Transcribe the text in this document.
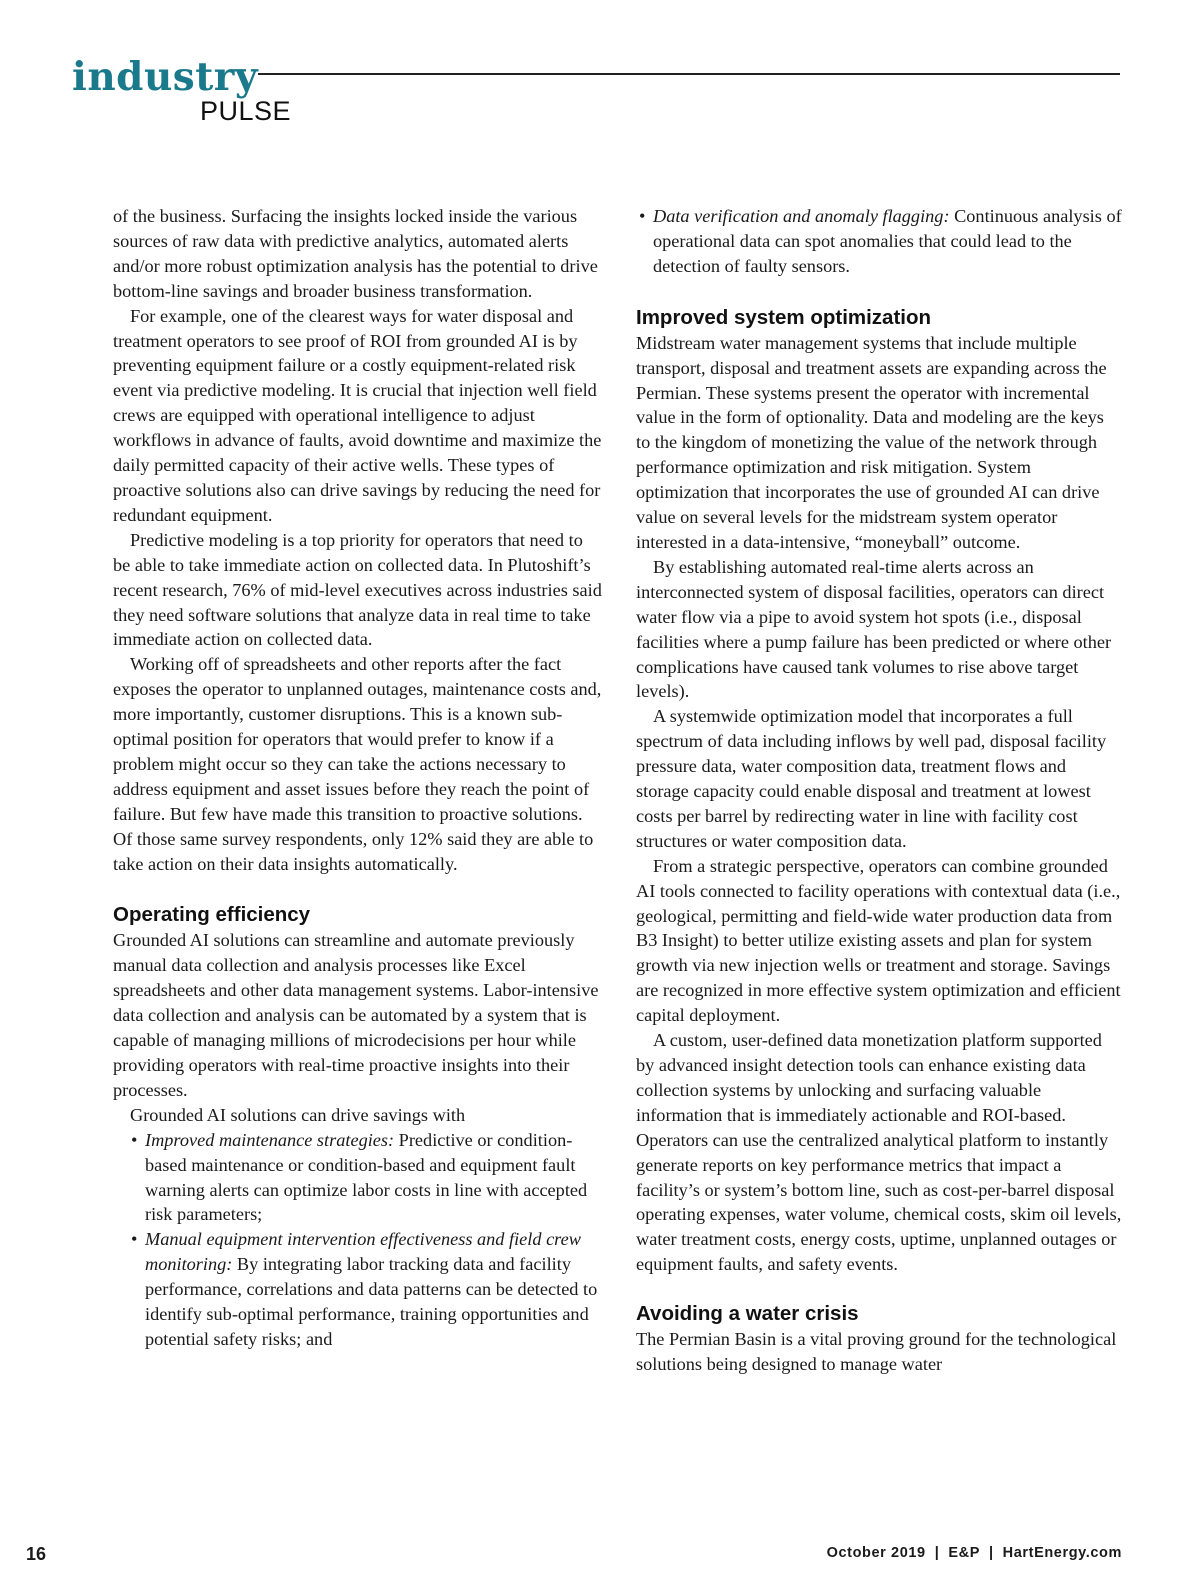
industry
PULSE

of the business. Surfacing the insights locked inside the various sources of raw data with predictive analytics, automated alerts and/or more robust optimization analysis has the potential to drive bottom-line savings and broader business transformation.

For example, one of the clearest ways for water disposal and treatment operators to see proof of ROI from grounded AI is by preventing equipment failure or a costly equipment-related risk event via predictive modeling. It is crucial that injection well field crews are equipped with operational intelligence to adjust workflows in advance of faults, avoid downtime and maximize the daily permitted capacity of their active wells. These types of proactive solutions also can drive savings by reducing the need for redundant equipment.

Predictive modeling is a top priority for operators that need to be able to take immediate action on collected data. In Plutoshift’s recent research, 76% of mid-level executives across industries said they need software solutions that analyze data in real time to take immediate action on collected data.

Working off of spreadsheets and other reports after the fact exposes the operator to unplanned outages, maintenance costs and, more importantly, customer disruptions. This is a known sub-optimal position for operators that would prefer to know if a problem might occur so they can take the actions necessary to address equipment and asset issues before they reach the point of failure. But few have made this transition to proactive solutions. Of those same survey respondents, only 12% said they are able to take action on their data insights automatically.

Operating efficiency

Grounded AI solutions can streamline and automate previously manual data collection and analysis processes like Excel spreadsheets and other data management systems. Labor-intensive data collection and analysis can be automated by a system that is capable of managing millions of microdecisions per hour while providing operators with real-time proactive insights into their processes.

Grounded AI solutions can drive savings with

• Improved maintenance strategies: Predictive or condition-based maintenance or condition-based and equipment fault warning alerts can optimize labor costs in line with accepted risk parameters;
• Manual equipment intervention effectiveness and field crew monitoring: By integrating labor tracking data and facility performance, correlations and data patterns can be detected to identify sub-optimal performance, training opportunities and potential safety risks; and
• Data verification and anomaly flagging: Continuous analysis of operational data can spot anomalies that could lead to the detection of faulty sensors.
Improved system optimization

Midstream water management systems that include multiple transport, disposal and treatment assets are expanding across the Permian. These systems present the operator with incremental value in the form of optionality. Data and modeling are the keys to the kingdom of monetizing the value of the network through performance optimization and risk mitigation. System optimization that incorporates the use of grounded AI can drive value on several levels for the midstream system operator interested in a data-intensive, “moneyball” outcome.

By establishing automated real-time alerts across an interconnected system of disposal facilities, operators can direct water flow via a pipe to avoid system hot spots (i.e., disposal facilities where a pump failure has been predicted or where other complications have caused tank volumes to rise above target levels).

A systemwide optimization model that incorporates a full spectrum of data including inflows by well pad, disposal facility pressure data, water composition data, treatment flows and storage capacity could enable disposal and treatment at lowest costs per barrel by redirecting water in line with facility cost structures or water composition data.

From a strategic perspective, operators can combine grounded AI tools connected to facility operations with contextual data (i.e., geological, permitting and field-wide water production data from B3 Insight) to better utilize existing assets and plan for system growth via new injection wells or treatment and storage. Savings are recognized in more effective system optimization and efficient capital deployment.

A custom, user-defined data monetization platform supported by advanced insight detection tools can enhance existing data collection systems by unlocking and surfacing valuable information that is immediately actionable and ROI-based. Operators can use the centralized analytical platform to instantly generate reports on key performance metrics that impact a facility’s or system’s bottom line, such as cost-per-barrel disposal operating expenses, water volume, chemical costs, skim oil levels, water treatment costs, energy costs, uptime, unplanned outages or equipment faults, and safety events.

Avoiding a water crisis

The Permian Basin is a vital proving ground for the technological solutions being designed to manage water

16	October 2019 | E&P | HartEnergy.com
